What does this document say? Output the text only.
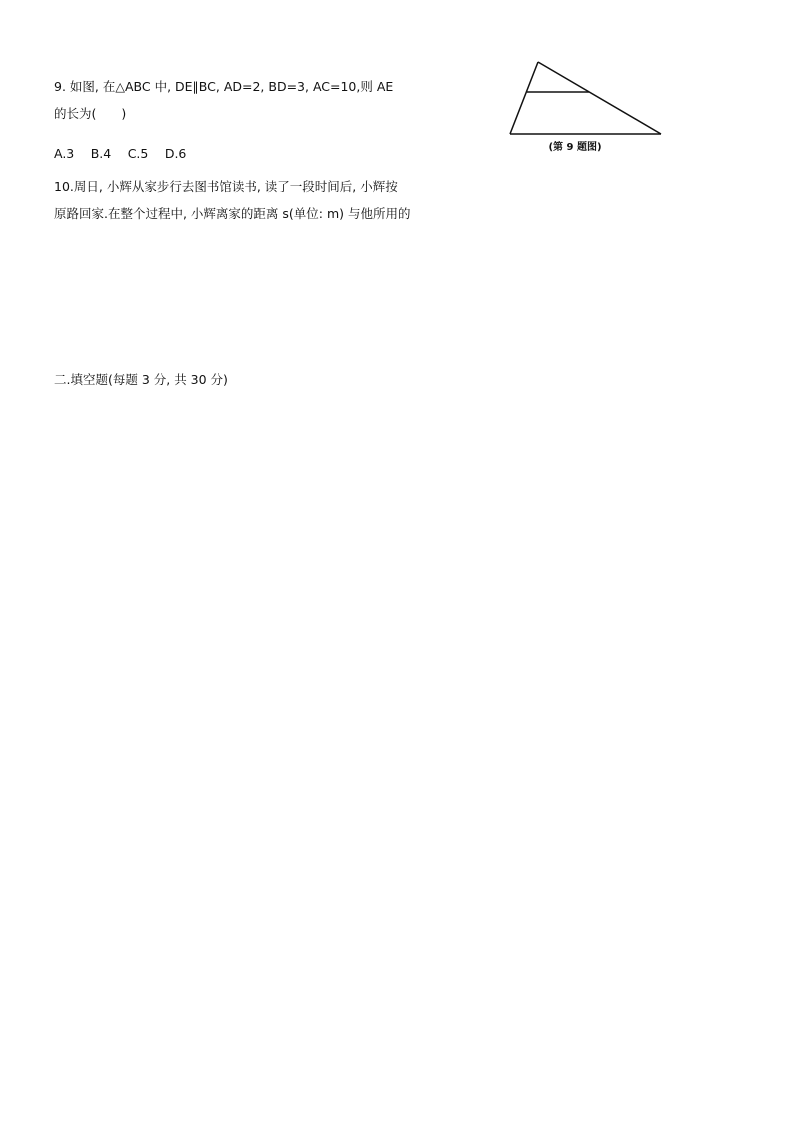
9. 如图, 在△ABC 中, DE∥BC, AD=2, BD=3, AC=10,则 AE
的长为(　　)
A.3　 B.4　 C.5　 D.6	(第 9 题图)
10.周日, 小辉从家步行去图书馆读书, 读了一段时间后, 小辉按
原路回家.在整个过程中, 小辉离家的距离 s(单位: m) 与他所用的
二.填空题(每题 3 分, 共 30 分)
